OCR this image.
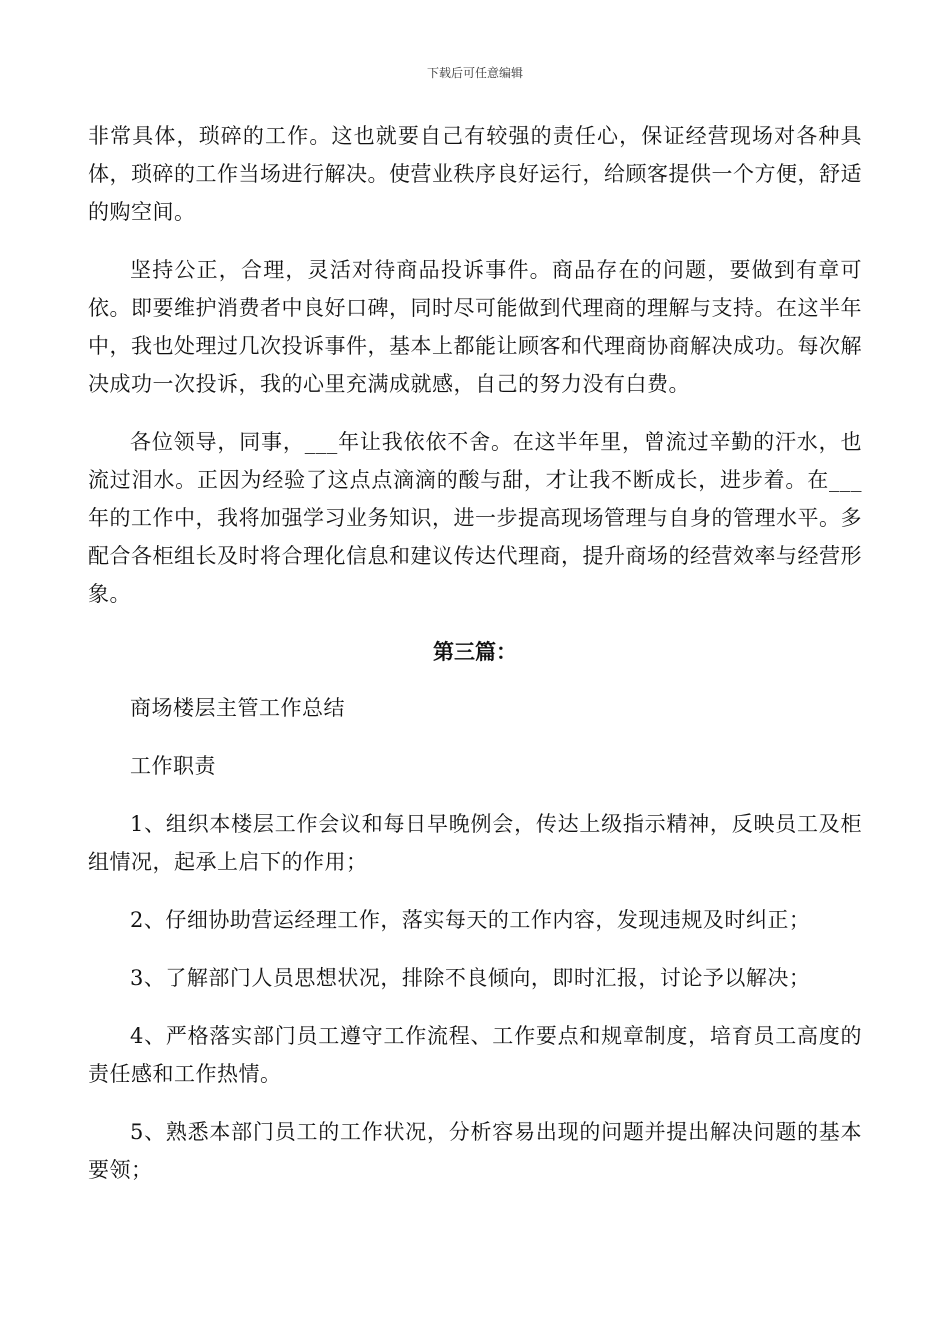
下载后可任意编辑

非常具体，琐碎的工作。这也就要自己有较强的责任心，保证经营现场对各种具体，琐碎的工作当场进行解决。使营业秩序良好运行，给顾客提供一个方便，舒适的购空间。

坚持公正，合理，灵活对待商品投诉事件。商品存在的问题，要做到有章可依。即要维护消费者中良好口碑，同时尽可能做到代理商的理解与支持。在这半年中，我也处理过几次投诉事件，基本上都能让顾客和代理商协商解决成功。每次解决成功一次投诉，我的心里充满成就感，自己的努力没有白费。

各位领导，同事，___年让我依依不舍。在这半年里，曾流过辛勤的汗水，也流过泪水。正因为经验了这点点滴滴的酸与甜，才让我不断成长，进步着。在___年的工作中，我将加强学习业务知识，进一步提高现场管理与自身的管理水平。多配合各柜组长及时将合理化信息和建议传达代理商，提升商场的经营效率与经营形象。

第三篇：

商场楼层主管工作总结

工作职责

1、组织本楼层工作会议和每日早晚例会，传达上级指示精神，反映员工及柜组情况，起承上启下的作用；

2、仔细协助营运经理工作，落实每天的工作内容，发现违规及时纠正；

3、了解部门人员思想状况，排除不良倾向，即时汇报，讨论予以解决；

4、严格落实部门员工遵守工作流程、工作要点和规章制度，培育员工高度的责任感和工作热情。

5、熟悉本部门员工的工作状况，分析容易出现的问题并提出解决问题的基本要领；
